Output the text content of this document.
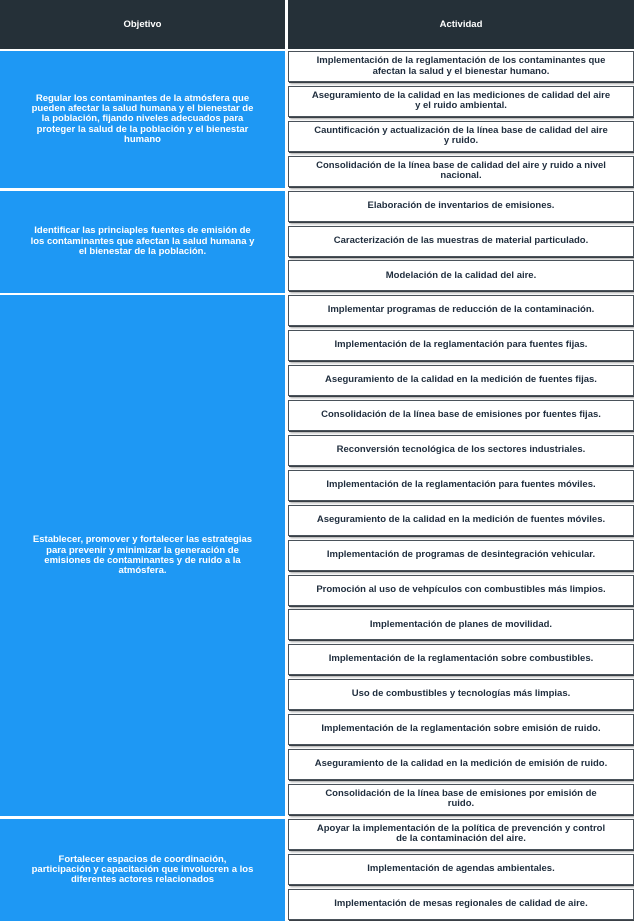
Objetivo	Actividad
Regular los contaminantes de la atmósfera que pueden afectar la salud humana y el bienestar de la población, fijando niveles adecuados para proteger la salud de la población y el bienestar humano
Identificar las princiaples fuentes de emisión de los contaminantes que afectan la salud humana y el bienestar de la población.
Establecer, promover y fortalecer las estrategias para prevenir y minimizar la generación de emisiones de contaminantes y de ruido a la atmósfera.
Fortalecer espacios de coordinación, participación y capacitación que involucren a los diferentes actores relacionados
Implementación de la reglamentación de los contaminantes que afectan la salud y el bienestar humano.
Aseguramiento de la calidad en las mediciones de calidad del aire y el ruido ambiental.
Cauntificación y actualización de la línea base de calidad del aire y ruido.
Consolidación de la línea base de calidad del aire y ruido a nivel nacional.
Elaboración de inventarios de emisiones.
Caracterización de las muestras de material particulado.
Modelación de la calidad del aire.
Implementar programas de reducción de la contaminación.
Implementación de la reglamentación para fuentes fijas.
Aseguramiento de la calidad en la medición de fuentes fijas.
Consolidación de la línea base de emisiones por fuentes fijas.
Reconversión tecnológica de los sectores industriales.
Implementación de la reglamentación para fuentes móviles.
Aseguramiento de la calidad en la medición de fuentes móviles.
Implementación de programas de desintegración vehicular.
Promoción al uso de vehpículos con combustibles más limpios.
Implementación de planes de movilidad.
Implementación de la reglamentación sobre combustibles.
Uso de combustibles y tecnologías más limpias.
Implementación de la reglamentación sobre emisión de ruido.
Aseguramiento de la calidad en la medición de emisión de ruido.
Consolidación de la línea base de emisiones por emisión de ruido.
Apoyar la implementación de la política de prevención y control de la contaminación del aire.
Implementación de agendas ambientales.
Implementación de mesas regionales de calidad de aire.
